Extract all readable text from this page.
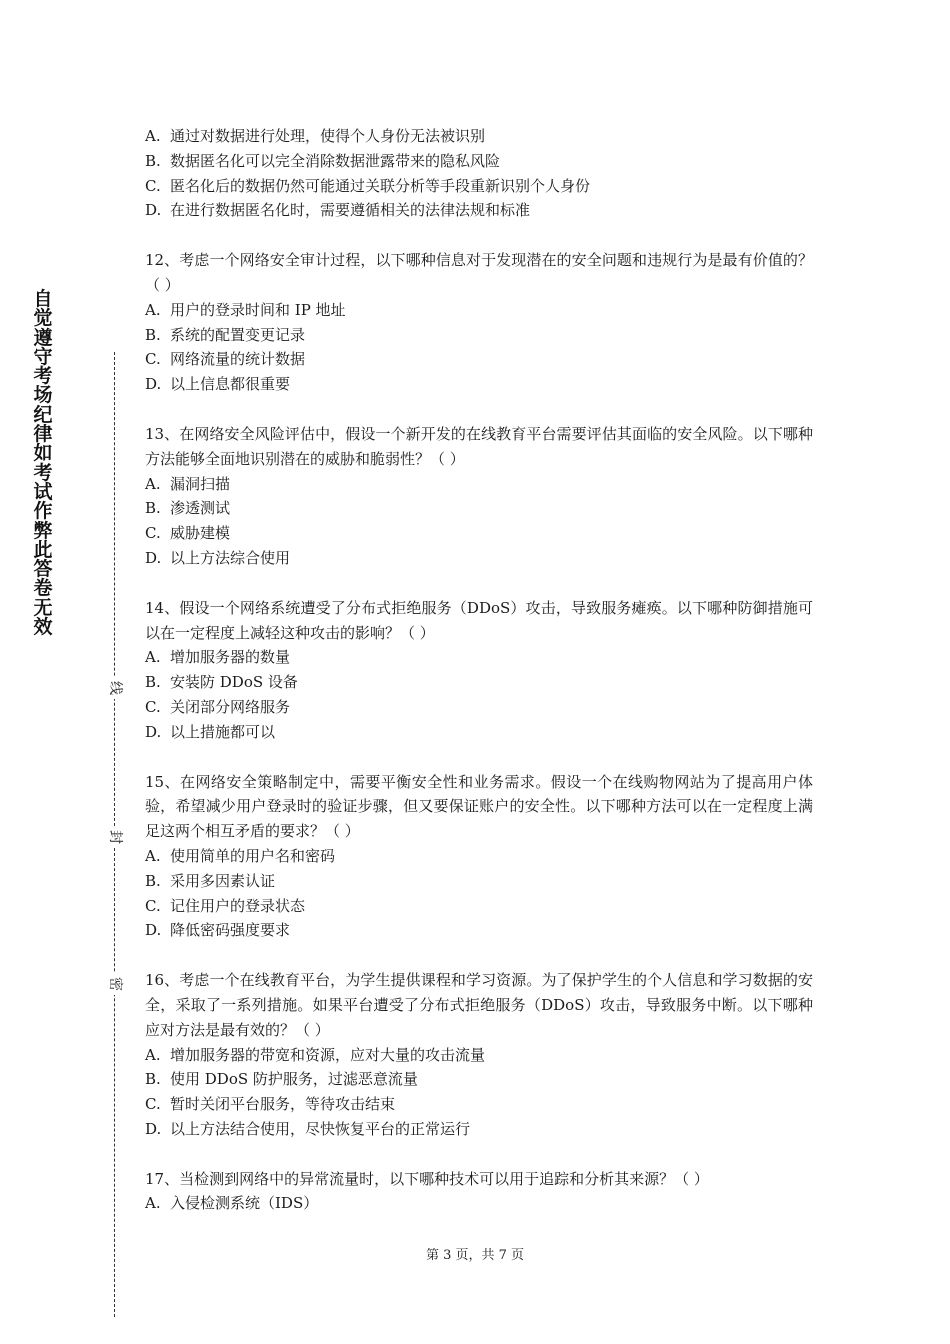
自觉遵守考场纪律如考试作弊此答卷无效
线
封
密
A. 通过对数据进行处理，使得个人身份无法被识别
B. 数据匿名化可以完全消除数据泄露带来的隐私风险
C. 匿名化后的数据仍然可能通过关联分析等手段重新识别个人身份
D. 在进行数据匿名化时，需要遵循相关的法律法规和标准
12、考虑一个网络安全审计过程，以下哪种信息对于发现潜在的安全问题和违规行为是最有价值的？（ ）
A. 用户的登录时间和 IP 地址
B. 系统的配置变更记录
C. 网络流量的统计数据
D. 以上信息都很重要
13、在网络安全风险评估中，假设一个新开发的在线教育平台需要评估其面临的安全风险。以下哪种方法能够全面地识别潜在的威胁和脆弱性？（ ）
A. 漏洞扫描
B. 渗透测试
C. 威胁建模
D. 以上方法综合使用
14、假设一个网络系统遭受了分布式拒绝服务（DDoS）攻击，导致服务瘫痪。以下哪种防御措施可以在一定程度上减轻这种攻击的影响？（ ）
A. 增加服务器的数量
B. 安装防 DDoS 设备
C. 关闭部分网络服务
D. 以上措施都可以
15、在网络安全策略制定中，需要平衡安全性和业务需求。假设一个在线购物网站为了提高用户体验，希望减少用户登录时的验证步骤，但又要保证账户的安全性。以下哪种方法可以在一定程度上满足这两个相互矛盾的要求？（ ）
A. 使用简单的用户名和密码
B. 采用多因素认证
C. 记住用户的登录状态
D. 降低密码强度要求
16、考虑一个在线教育平台，为学生提供课程和学习资源。为了保护学生的个人信息和学习数据的安全，采取了一系列措施。如果平台遭受了分布式拒绝服务（DDoS）攻击，导致服务中断。以下哪种应对方法是最有效的？（ ）
A. 增加服务器的带宽和资源，应对大量的攻击流量
B. 使用 DDoS 防护服务，过滤恶意流量
C. 暂时关闭平台服务，等待攻击结束
D. 以上方法结合使用，尽快恢复平台的正常运行
17、当检测到网络中的异常流量时，以下哪种技术可以用于追踪和分析其来源？（ ）
A. 入侵检测系统（IDS）
第 3 页，共 7 页
